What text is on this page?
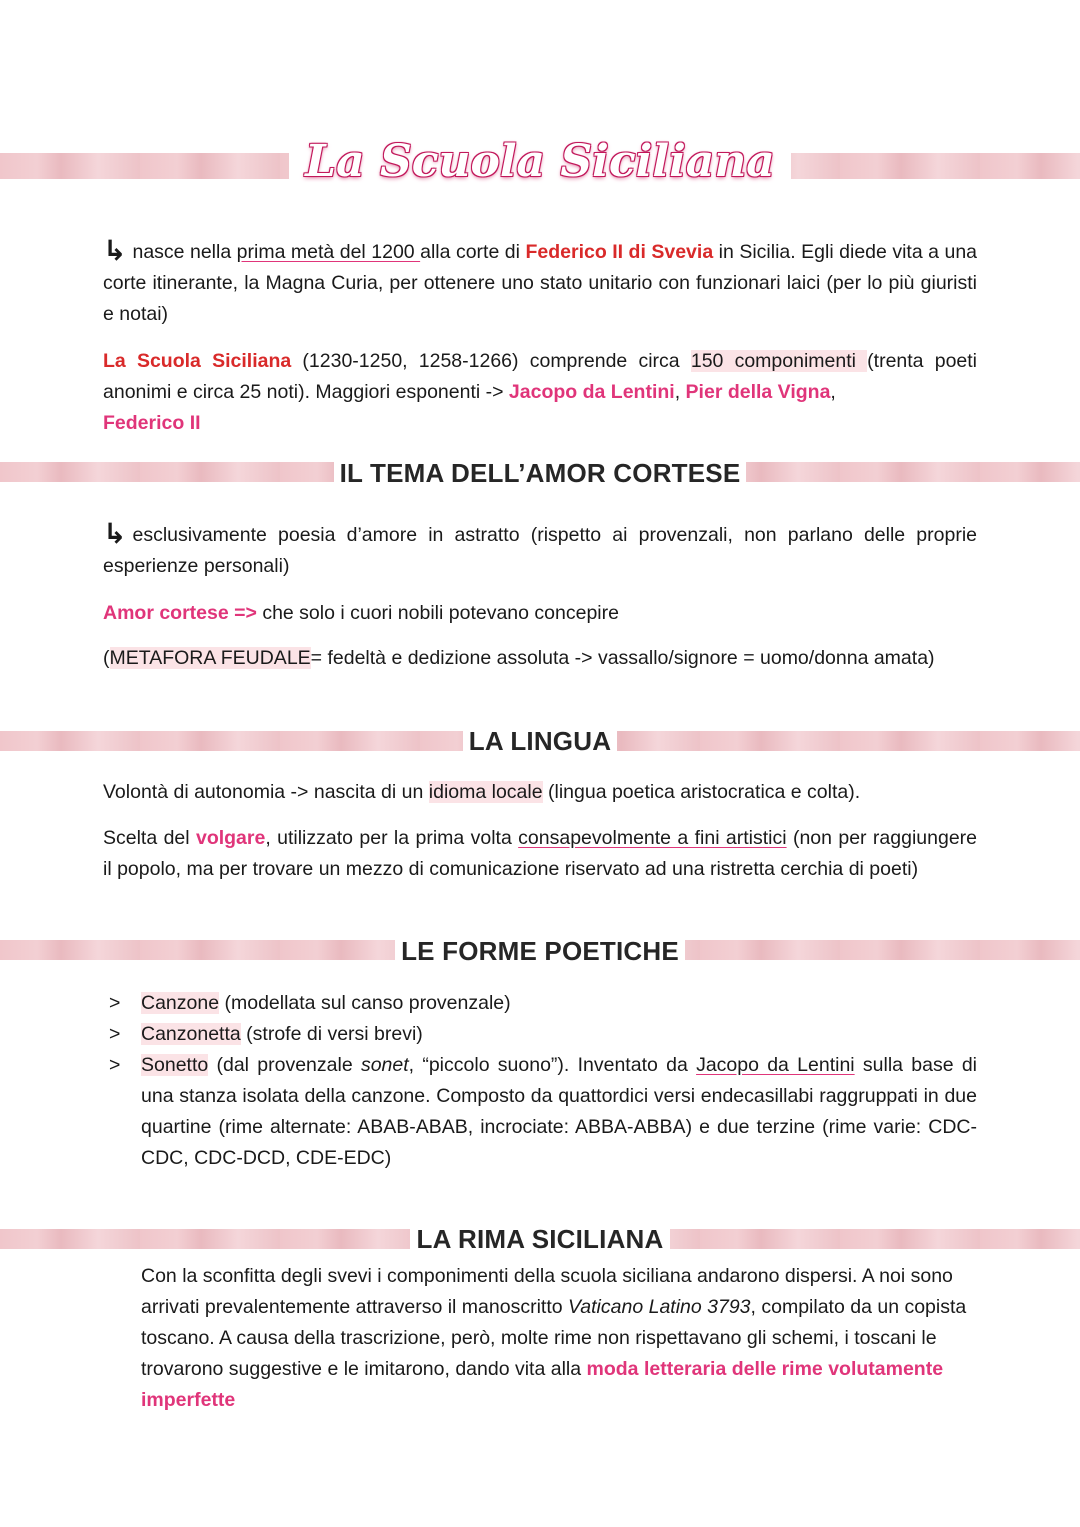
La Scuola Siciliana
↳ nasce nella prima metà del 1200 alla corte di Federico II di Svevia in Sicilia. Egli diede vita a una corte itinerante, la Magna Curia, per ottenere uno stato unitario con funzionari laici (per lo più giuristi e notai)
La Scuola Siciliana (1230-1250, 1258-1266) comprende circa 150 componimenti (trenta poeti anonimi e circa 25 noti). Maggiori esponenti -> Jacopo da Lentini, Pier della Vigna,
Federico II
IL TEMA DELL’AMOR CORTESE
↳ esclusivamente poesia d’amore in astratto (rispetto ai provenzali, non parlano delle proprie esperienze personali)
Amor cortese => che solo i cuori nobili potevano concepire
(METAFORA FEUDALE= fedeltà e dedizione assoluta -> vassallo/signore = uomo/donna amata)
LA LINGUA
Volontà di autonomia -> nascita di un idioma locale (lingua poetica aristocratica e colta).
Scelta del volgare, utilizzato per la prima volta consapevolmente a fini artistici (non per raggiungere il popolo, ma per trovare un mezzo di comunicazione riservato ad una ristretta cerchia di poeti)
LE FORME POETICHE
> Canzone (modellata sul canso provenzale)
> Canzonetta (strofe di versi brevi)
> Sonetto (dal provenzale sonet, “piccolo suono”). Inventato da Jacopo da Lentini sulla base di una stanza isolata della canzone. Composto da quattordici versi endecasillabi raggruppati in due quartine (rime alternate: ABAB-ABAB, incrociate: ABBA-ABBA) e due terzine (rime varie: CDC-CDC, CDC-DCD, CDE-EDC)
LA RIMA SICILIANA
Con la sconfitta degli svevi i componimenti della scuola siciliana andarono dispersi. A noi sono arrivati prevalentemente attraverso il manoscritto Vaticano Latino 3793, compilato da un copista toscano. A causa della trascrizione, però, molte rime non rispettavano gli schemi, i toscani le trovarono suggestive e le imitarono, dando vita alla moda letteraria delle rime volutamente imperfette
